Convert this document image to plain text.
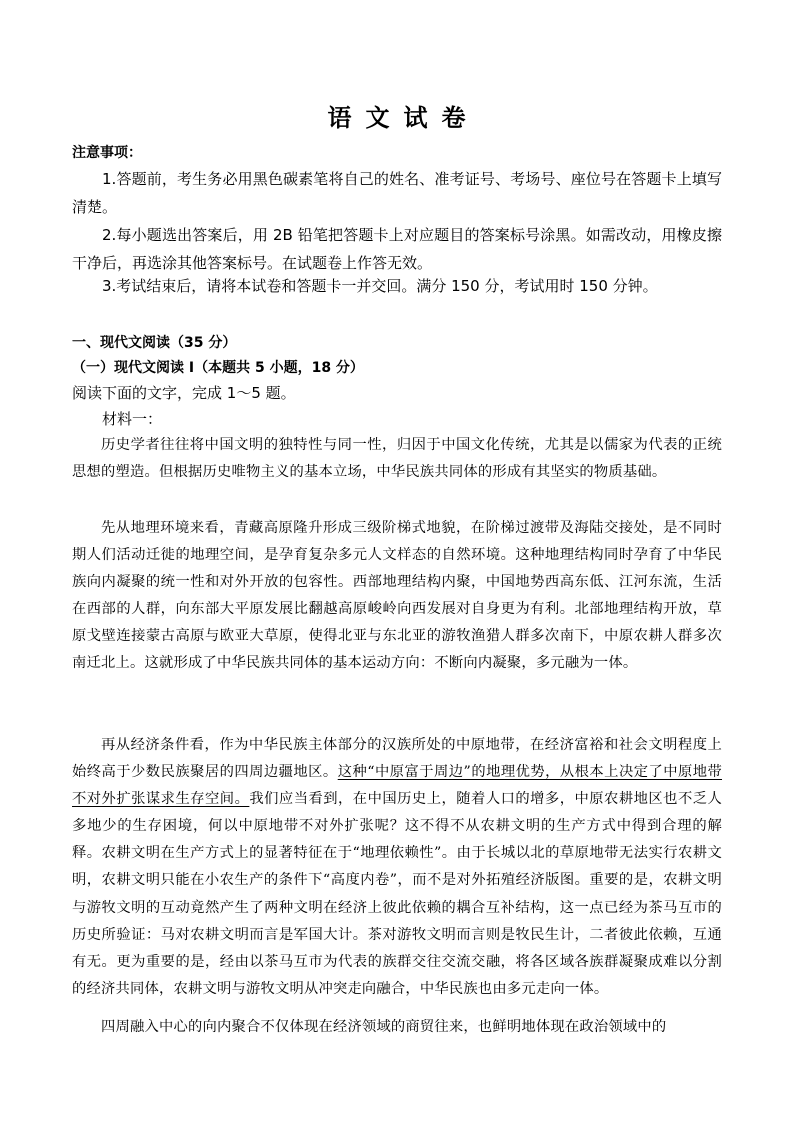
语文试卷
注意事项：
1.答题前，考生务必用黑色碳素笔将自己的姓名、准考证号、考场号、座位号在答题卡上填写清楚。
2.每小题选出答案后，用 2B 铅笔把答题卡上对应题目的答案标号涂黑。如需改动，用橡皮擦干净后，再选涂其他答案标号。在试题卷上作答无效。
3.考试结束后，请将本试卷和答题卡一并交回。满分 150 分，考试用时 150 分钟。
一、现代文阅读（35 分）
（一）现代文阅读 I（本题共 5 小题，18 分）
阅读下面的文字，完成 1～5 题。
材料一：
历史学者往往将中国文明的独特性与同一性，归因于中国文化传统，尤其是以儒家为代表的正统思想的塑造。但根据历史唯物主义的基本立场，中华民族共同体的形成有其坚实的物质基础。
先从地理环境来看，青藏高原隆升形成三级阶梯式地貌，在阶梯过渡带及海陆交接处，是不同时期人们活动迁徙的地理空间，是孕育复杂多元人文样态的自然环境。这种地理结构同时孕育了中华民族向内凝聚的统一性和对外开放的包容性。西部地理结构内聚，中国地势西高东低、江河东流，生活在西部的人群，向东部大平原发展比翻越高原峻岭向西发展对自身更为有利。北部地理结构开放，草原戈壁连接蒙古高原与欧亚大草原，使得北亚与东北亚的游牧渔猎人群多次南下，中原农耕人群多次南迁北上。这就形成了中华民族共同体的基本运动方向：不断向内凝聚，多元融为一体。
再从经济条件看，作为中华民族主体部分的汉族所处的中原地带，在经济富裕和社会文明程度上始终高于少数民族聚居的四周边疆地区。这种“中原富于周边”的地理优势，从根本上决定了中原地带不对外扩张谋求生存空间。我们应当看到，在中国历史上，随着人口的增多，中原农耕地区也不乏人多地少的生存困境，何以中原地带不对外扩张呢？这不得不从农耕文明的生产方式中得到合理的解释。农耕文明在生产方式上的显著特征在于“地理依赖性”。由于长城以北的草原地带无法实行农耕文明，农耕文明只能在小农生产的条件下“高度内卷”，而不是对外拓殖经济版图。重要的是，农耕文明与游牧文明的互动竟然产生了两种文明在经济上彼此依赖的耦合互补结构，这一点已经为茶马互市的历史所验证：马对农耕文明而言是军国大计。茶对游牧文明而言则是牧民生计，二者彼此依赖，互通有无。更为重要的是，经由以茶马互市为代表的族群交往交流交融，将各区域各族群凝聚成难以分割的经济共同体，农耕文明与游牧文明从冲突走向融合，中华民族也由多元走向一体。
四周融入中心的向内聚合不仅体现在经济领域的商贸往来，也鲜明地体现在政治领域中的
